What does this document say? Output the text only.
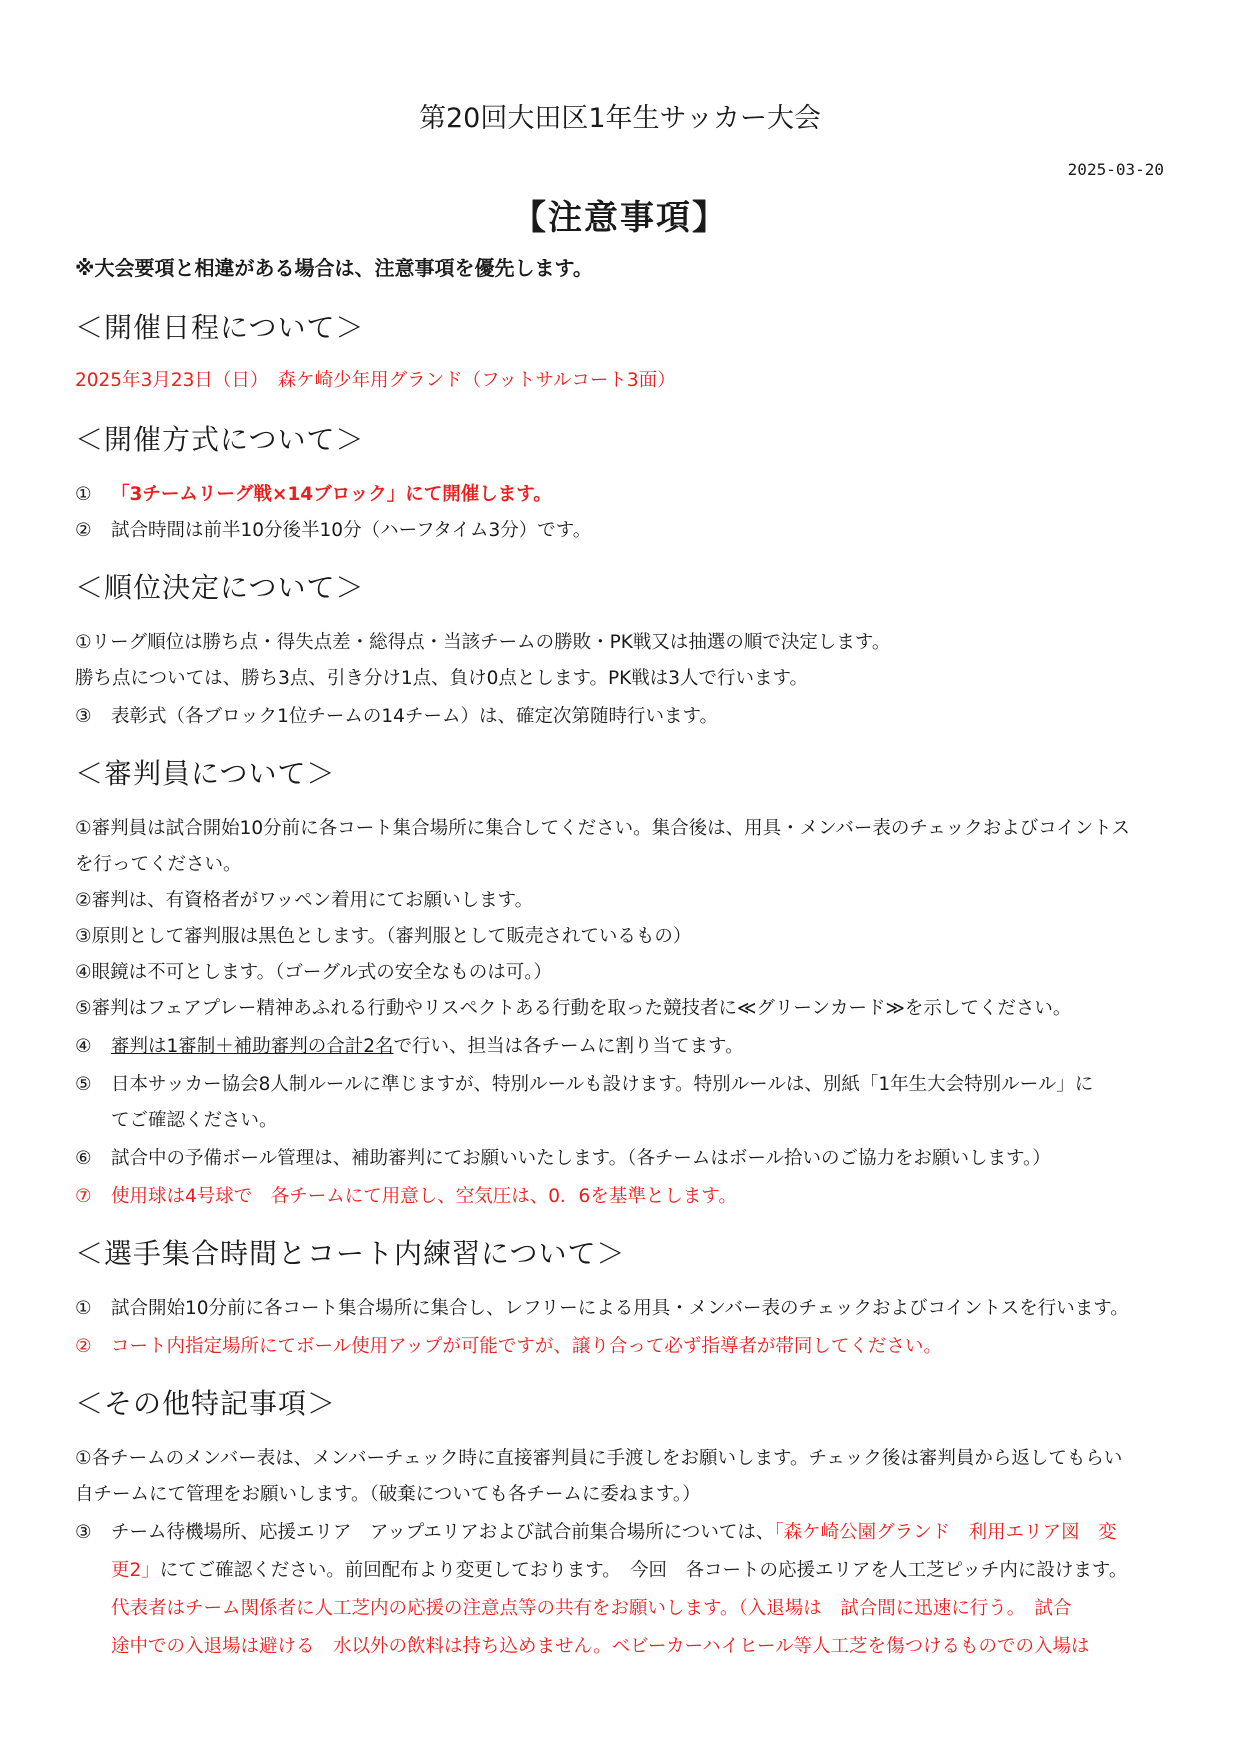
第20回大田区1年生サッカー大会
2025-03-20
【注意事項】
※大会要項と相違がある場合は、注意事項を優先します。
＜開催日程について＞
2025年3月23日（日）　森ケ崎少年用グランド（フットサルコート3面）
＜開催方式について＞
① 「3チームリーグ戦×14ブロック」にて開催します。
② 試合時間は前半10分後半10分（ハーフタイム3分）です。
＜順位決定について＞
①リーグ順位は勝ち点・得失点差・総得点・当該チームの勝敗・PK戦又は抽選の順で決定します。
勝ち点については、勝ち3点、引き分け1点、負け0点とします。PK戦は3人で行います。
③ 表彰式（各ブロック1位チームの14チーム）は、確定次第随時行います。
＜審判員について＞
①審判員は試合開始10分前に各コート集合場所に集合してください。集合後は、用具・メンバー表のチェックおよびコイントス
を行ってください。
②審判は、有資格者がワッペン着用にてお願いします。
③原則として審判服は黒色とします。（審判服として販売されているもの）
④眼鏡は不可とします。（ゴーグル式の安全なものは可。）
⑤審判はフェアプレー精神あふれる行動やリスペクトある行動を取った競技者に≪グリーンカード≫を示してください。
④ 審判は1審制＋補助審判の合計2名で行い、担当は各チームに割り当てます。
⑤ 日本サッカー協会8人制ルールに準じますが、特別ルールも設けます。特別ルールは、別紙「1年生大会特別ルール」に
てご確認ください。
⑥ 試合中の予備ボール管理は、補助審判にてお願いいたします。（各チームはボール拾いのご協力をお願いします。）
⑦ 使用球は4号球で　各チームにて用意し、空気圧は、0．6を基準とします。
＜選手集合時間とコート内練習について＞
① 試合開始10分前に各コート集合場所に集合し、レフリーによる用具・メンバー表のチェックおよびコイントスを行います。
② コート内指定場所にてボール使用アップが可能ですが、譲り合って必ず指導者が帯同してください。
＜その他特記事項＞
①各チームのメンバー表は、メンバーチェック時に直接審判員に手渡しをお願いします。チェック後は審判員から返してもらい
自チームにて管理をお願いします。（破棄についても各チームに委ねます。）
③ チーム待機場所、応援エリア　アップエリアおよび試合前集合場所については、「森ケ崎公園グランド　利用エリア図　変
更2」にてご確認ください。前回配布より変更しております。　今回　各コートの応援エリアを人工芝ピッチ内に設けます。
代表者はチーム関係者に人工芝内の応援の注意点等の共有をお願いします。（入退場は　試合間に迅速に行う。　試合
途中での入退場は避ける　水以外の飲料は持ち込めません。ベビーカーハイヒール等人工芝を傷つけるものでの入場は
